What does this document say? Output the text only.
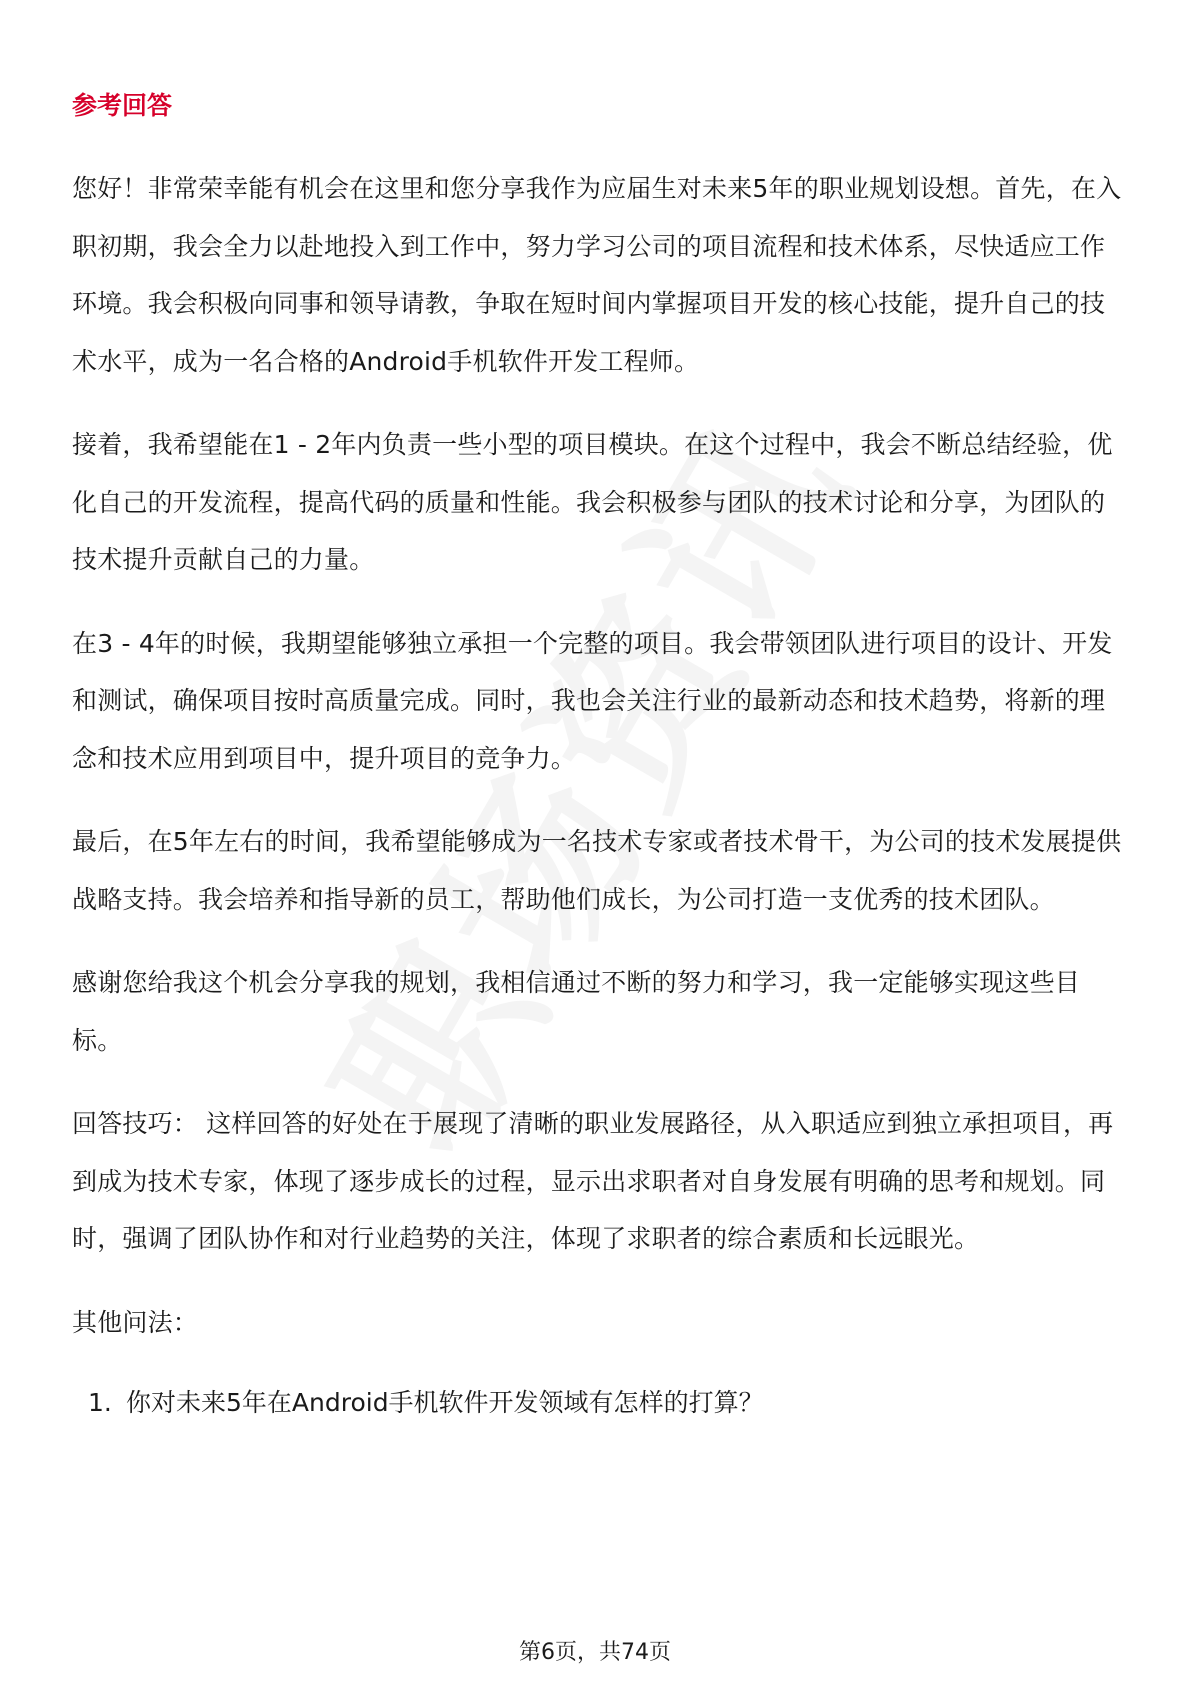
参考回答

您好！非常荣幸能有机会在这里和您分享我作为应届生对未来5年的职业规划设想。首先，在入职初期，我会全力以赴地投入到工作中，努力学习公司的项目流程和技术体系，尽快适应工作环境。我会积极向同事和领导请教，争取在短时间内掌握项目开发的核心技能，提升自己的技术水平，成为一名合格的Android手机软件开发工程师。

接着，我希望能在1 - 2年内负责一些小型的项目模块。在这个过程中，我会不断总结经验，优化自己的开发流程，提高代码的质量和性能。我会积极参与团队的技术讨论和分享，为团队的技术提升贡献自己的力量。

在3 - 4年的时候，我期望能够独立承担一个完整的项目。我会带领团队进行项目的设计、开发和测试，确保项目按时高质量完成。同时，我也会关注行业的最新动态和技术趋势，将新的理念和技术应用到项目中，提升项目的竞争力。

最后，在5年左右的时间，我希望能够成为一名技术专家或者技术骨干，为公司的技术发展提供战略支持。我会培养和指导新的员工，帮助他们成长，为公司打造一支优秀的技术团队。

感谢您给我这个机会分享我的规划，我相信通过不断的努力和学习，我一定能够实现这些目标。

回答技巧： 这样回答的好处在于展现了清晰的职业发展路径，从入职适应到独立承担项目，再到成为技术专家，体现了逐步成长的过程，显示出求职者对自身发展有明确的思考和规划。同时，强调了团队协作和对行业趋势的关注，体现了求职者的综合素质和长远眼光。

其他问法：

1. 你对未来5年在Android手机软件开发领域有怎样的打算？
第6页，共74页
